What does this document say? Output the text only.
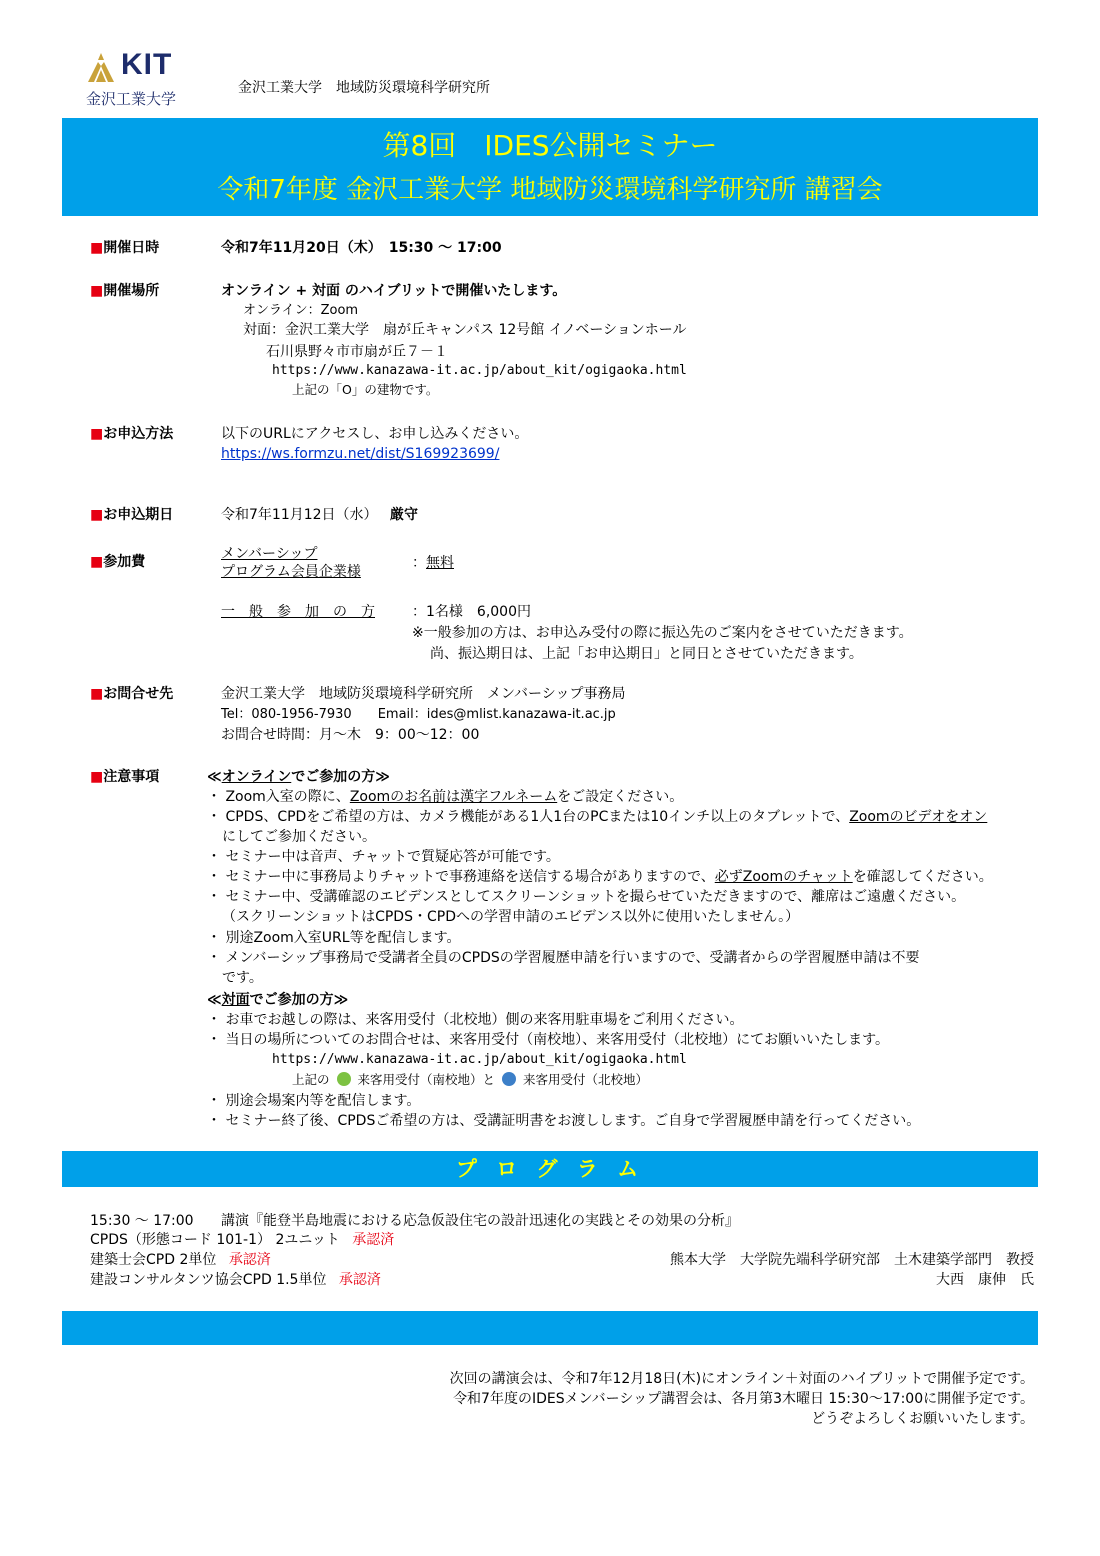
KIT
金沢工業大学
金沢工業大学　地域防災環境科学研究所
第8回　IDES公開セミナー
令和7年度 金沢工業大学 地域防災環境科学研究所 講習会
■開催日時	令和7年11月20日（木）　15:30 ～ 17:00
■開催場所	オンライン + 対面 のハイブリットで開催いたします。
オンライン：Zoom
対面：金沢工業大学　扇が丘キャンパス 12号館 イノベーションホール
石川県野々市市扇が丘７－１
https://www.kanazawa-it.ac.jp/about_kit/ogigaoka.html
上記の「O」の建物です。
■お申込方法	以下のURLにアクセスし、お申し込みください。
https://ws.formzu.net/dist/S169923699/
■お申込期日	令和7年11月12日（水） 厳守
■参加費	メンバーシップ
プログラム会員企業様
：無料
一　般　参　加　の　方	：1名様　6,000円
※一般参加の方は、お申込み受付の際に振込先のご案内をさせていただきます。
尚、振込期日は、上記「お申込期日」と同日とさせていただきます。
■お問合せ先	金沢工業大学　地域防災環境科学研究所　メンバーシップ事務局
Tel：080-1956-7930　　Email：ides@mlist.kanazawa-it.ac.jp
お問合せ時間：月～木　9：00～12：00
■注意事項	≪オンラインでご参加の方≫
・ Zoom入室の際に、Zoomのお名前は漢字フルネームをご設定ください。
・ CPDS、CPDをご希望の方は、カメラ機能がある1人1台のPCまたは10インチ以上のタブレットで、Zoomのビデオをオン
にしてご参加ください。
・ セミナー中は音声、チャットで質疑応答が可能です。
・ セミナー中に事務局よりチャットで事務連絡を送信する場合がありますので、必ずZoomのチャットを確認してください。
・ セミナー中、受講確認のエビデンスとしてスクリーンショットを撮らせていただきますので、離席はご遠慮ください。
（スクリーンショットはCPDS・CPDへの学習申請のエビデンス以外に使用いたしません。）
・ 別途Zoom入室URL等を配信します。
・ メンバーシップ事務局で受講者全員のCPDSの学習履歴申請を行いますので、受講者からの学習履歴申請は不要
です。
≪対面でご参加の方≫
・ お車でお越しの際は、来客用受付（北校地）側の来客用駐車場をご利用ください。
・ 当日の場所についてのお問合せは、来客用受付（南校地）、来客用受付（北校地）にてお願いいたします。
https://www.kanazawa-it.ac.jp/about_kit/ogigaoka.html
上記の 来客用受付（南校地）と 来客用受付（北校地）
・ 別途会場案内等を配信します。
・ セミナー終了後、CPDSご希望の方は、受講証明書をお渡しします。ご自身で学習履歴申請を行ってください。
プ ロ グ ラ ム
15:30 ～ 17:00 講演『能登半島地震における応急仮設住宅の設計迅速化の実践とその効果の分析』
CPDS（形態コード 101-1） 2ユニット 承認済
建築士会CPD 2単位 承認済
建設コンサルタンツ協会CPD 1.5単位 承認済
熊本大学　大学院先端科学研究部　土木建築学部門　教授
大西　康伸　氏
次回の講演会は、令和7年12月18日(木)にオンライン＋対面のハイブリットで開催予定です。
令和7年度のIDESメンバーシップ講習会は、各月第3木曜日 15:30～17:00に開催予定です。
どうぞよろしくお願いいたします。
